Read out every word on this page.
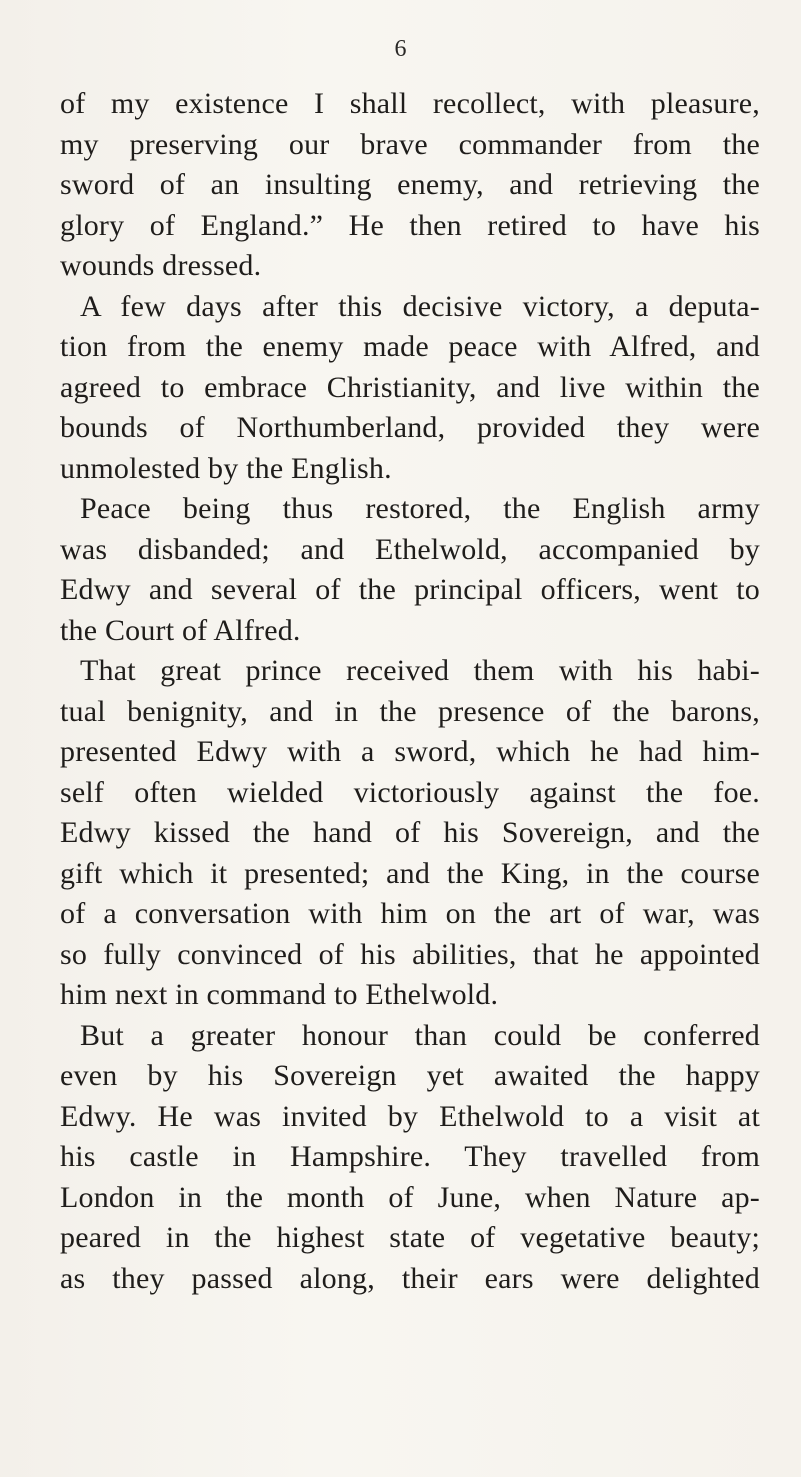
6
of my existence I shall recollect, with pleasure,
my preserving our brave commander from the
sword of an insulting enemy, and retrieving the
glory of England.” He then retired to have his
wounds dressed.
A few days after this decisive victory, a deputa-
tion from the enemy made peace with Alfred, and
agreed to embrace Christianity, and live within the
bounds of Northumberland, provided they were
unmolested by the English.
Peace being thus restored, the English army
was disbanded; and Ethelwold, accompanied by
Edwy and several of the principal officers, went to
the Court of Alfred.
That great prince received them with his habi-
tual benignity, and in the presence of the barons,
presented Edwy with a sword, which he had him-
self often wielded victoriously against the foe.
Edwy kissed the hand of his Sovereign, and the
gift which it presented; and the King, in the course
of a conversation with him on the art of war, was
so fully convinced of his abilities, that he appointed
him next in command to Ethelwold.
But a greater honour than could be conferred
even by his Sovereign yet awaited the happy
Edwy. He was invited by Ethelwold to a visit at
his castle in Hampshire. They travelled from
London in the month of June, when Nature ap-
peared in the highest state of vegetative beauty;
as they passed along, their ears were delighted
